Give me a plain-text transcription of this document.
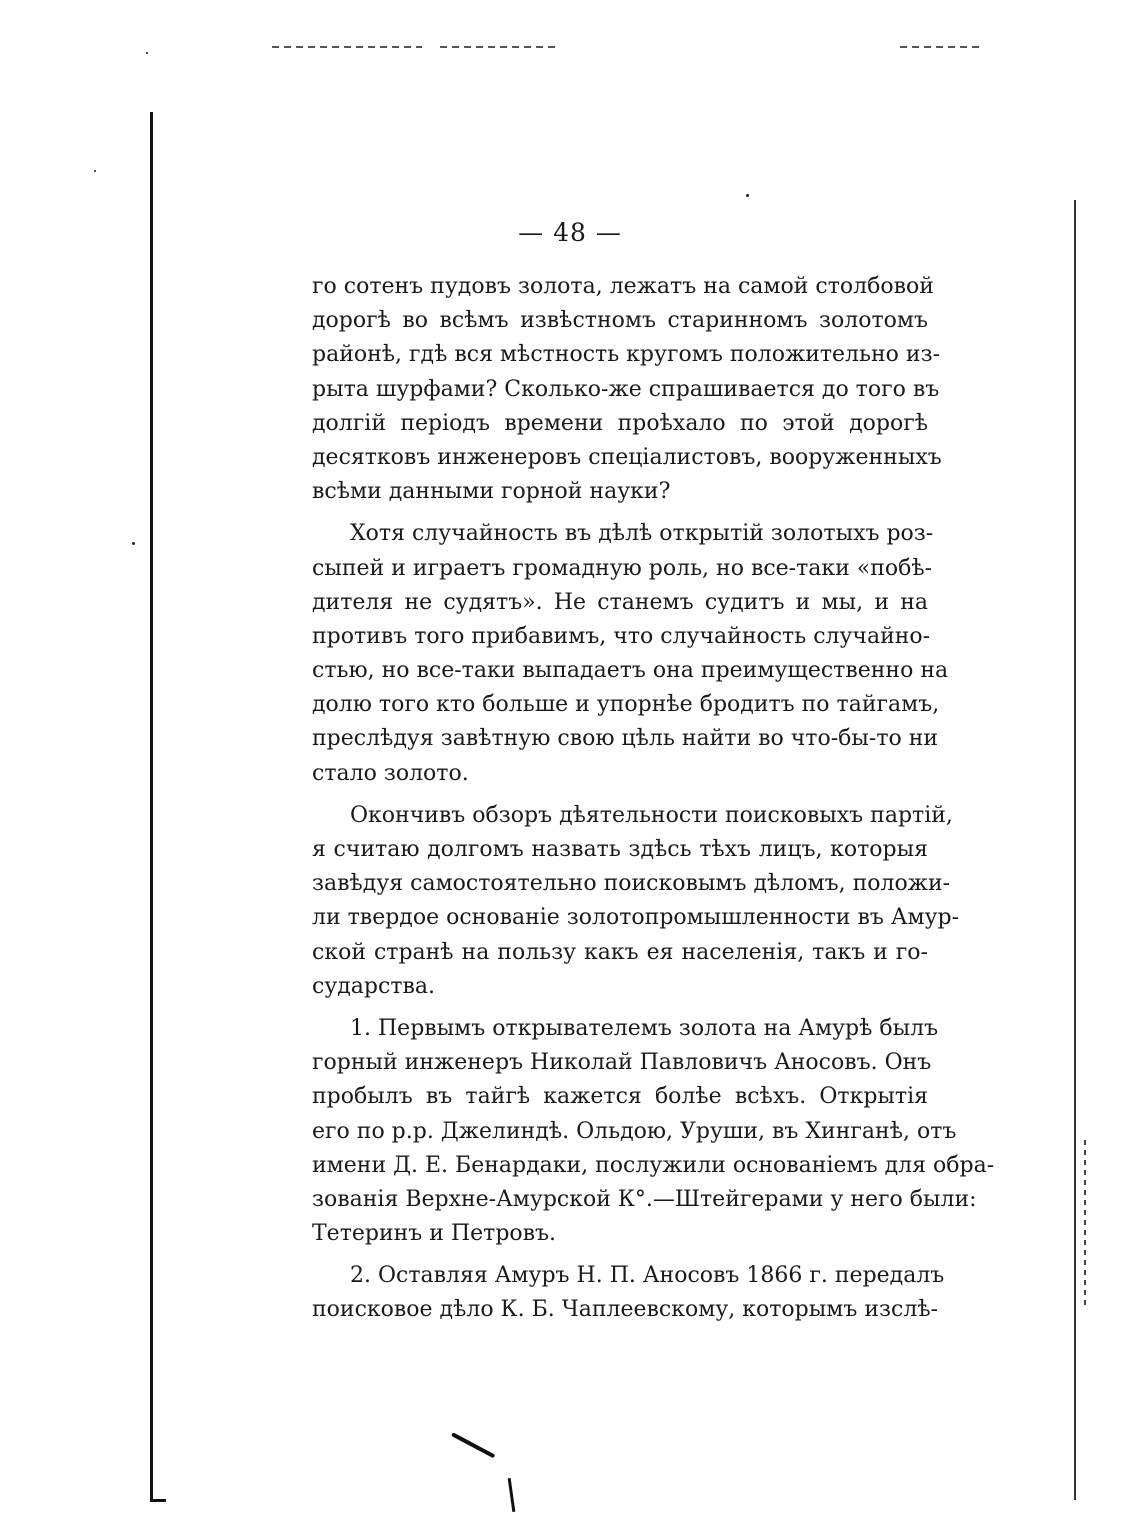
— 48 —
го сотенъ пудовъ золота, лежатъ на самой столбовой
дорогѣ во всѣмъ извѣстномъ старинномъ золотомъ
районѣ, гдѣ вся мѣстность кругомъ положительно из-
рыта шурфами? Сколько-же спрашивается до того въ
долгій періодъ времени проѣхало по этой дорогѣ
десятковъ инженеровъ спеціалистовъ, вооруженныхъ
всѣми данными горной науки?
Хотя случайность въ дѣлѣ открытій золотыхъ роз-
сыпей и играетъ громадную роль, но все-таки «побѣ-
дителя не судятъ». Не станемъ судитъ и мы, и на
противъ того прибавимъ, что случайность случайно-
стью, но все-таки выпадаетъ она преимущественно на
долю того кто больше и упорнѣе бродитъ по тайгамъ,
преслѣдуя завѣтную свою цѣль найти во что-бы-то ни
стало золото.
Окончивъ обзоръ дѣятельности поисковыхъ партій,
я считаю долгомъ назвать здѣсь тѣхъ лицъ, которыя
завѣдуя самостоятельно поисковымъ дѣломъ, положи-
ли твердое основаніе золотопромышленности въ Амур-
ской странѣ на пользу какъ ея населенія, такъ и го-
сударства.
1. Первымъ открывателемъ золота на Амурѣ былъ
горный инженеръ Николай Павловичъ Аносовъ. Онъ
пробылъ въ тайгѣ кажется болѣе всѣхъ. Открытія
его по р.р. Джелиндѣ. Ольдою, Уруши, въ Хинганѣ, отъ
имени Д. Е. Бенардаки, послужили основаніемъ для обра-
зованія Верхне-Амурской К°.—Штейгерами у него были:
Тетеринъ и Петровъ.
2. Оставляя Амуръ Н. П. Аносовъ 1866 г. передалъ
поисковое дѣло К. Б. Чаплеевскому, которымъ изслѣ-
